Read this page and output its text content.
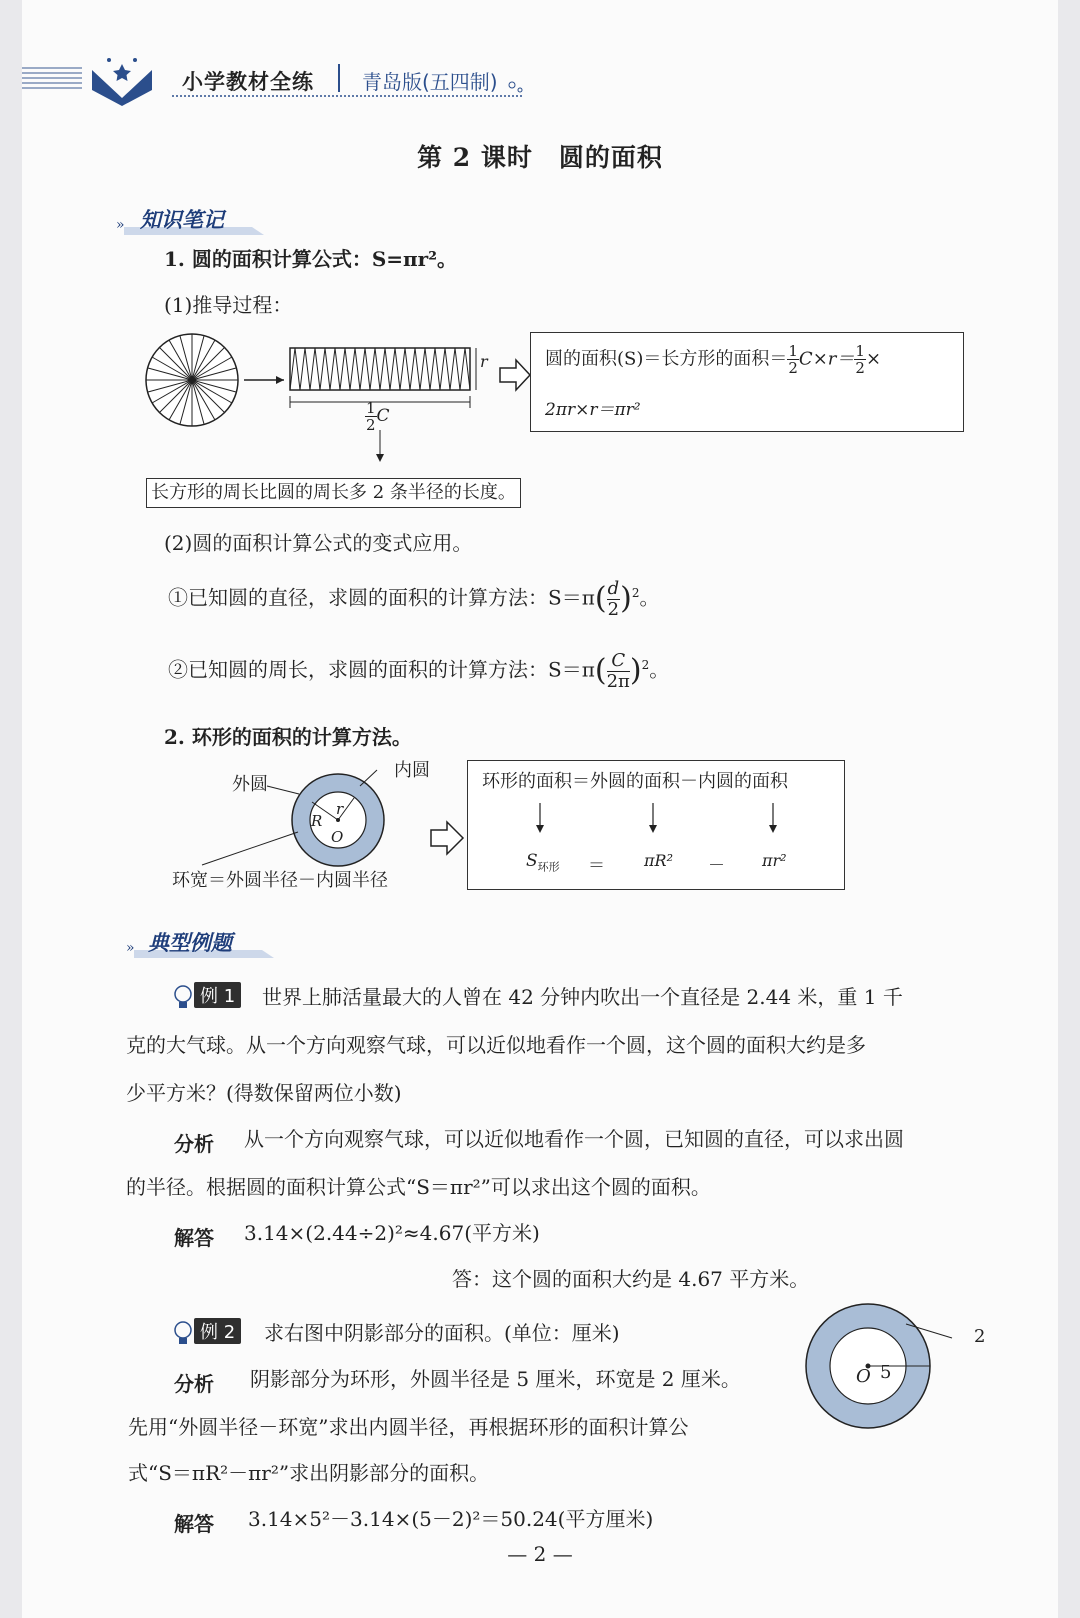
小学教材全练 青岛版(五四制)
第 2 课时　圆的面积
» 知识笔记
1. 圆的面积计算公式：S=πr²。
(1)推导过程：
r
$\frac{1}{2}$ C
圆的面积(S)＝长方形的面积＝ $\frac{1}{2} C\times r= \frac{1}{2}$ ×
2πr×r＝πr²
长方形的周长比圆的周长多 2 条半径的长度。
(2)圆的面积计算公式的变式应用。
①已知圆的直径，求圆的面积的计算方法：$S=\pi( \frac{d}{2} )^2$。
②已知圆的周长，求圆的面积的计算方法：$S=\pi( \frac{C}{2\pi} )^2$。
2. 环形的面积的计算方法。
外圆
内圆
R
r
O
环宽＝外圆半径－内圆半径
环形的面积＝外圆的面积－内圆的面积
$S_{环形} = \pi R^2 - \pi r^2$
» 典型例题
例 1	世界上肺活量最大的人曾在 42 分钟内吹出一个直径是 2.44 米，重 1 千
克的大气球。从一个方向观察气球，可以近似地看作一个圆，这个圆的面积大约是多
少平方米？(得数保留两位小数)
分析 从一个方向观察气球，可以近似地看作一个圆，已知圆的直径，可以求出圆
的半径。根据圆的面积计算公式“S＝πr²”可以求出这个圆的面积。
解答 3.14×(2.44÷2)²≈4.67(平方米)
答：这个圆的面积大约是 4.67 平方米。
例 2	求右图中阴影部分的面积。(单位：厘米)
分析 阴影部分为环形，外圆半径是 5 厘米，环宽是 2 厘米。
先用“外圆半径－环宽”求出内圆半径，再根据环形的面积计算公
式“S＝πR²－πr²”求出阴影部分的面积。
解答 3.14×5²－3.14×(5－2)²＝50.24(平方厘米)
2
O 5
— 2 —
